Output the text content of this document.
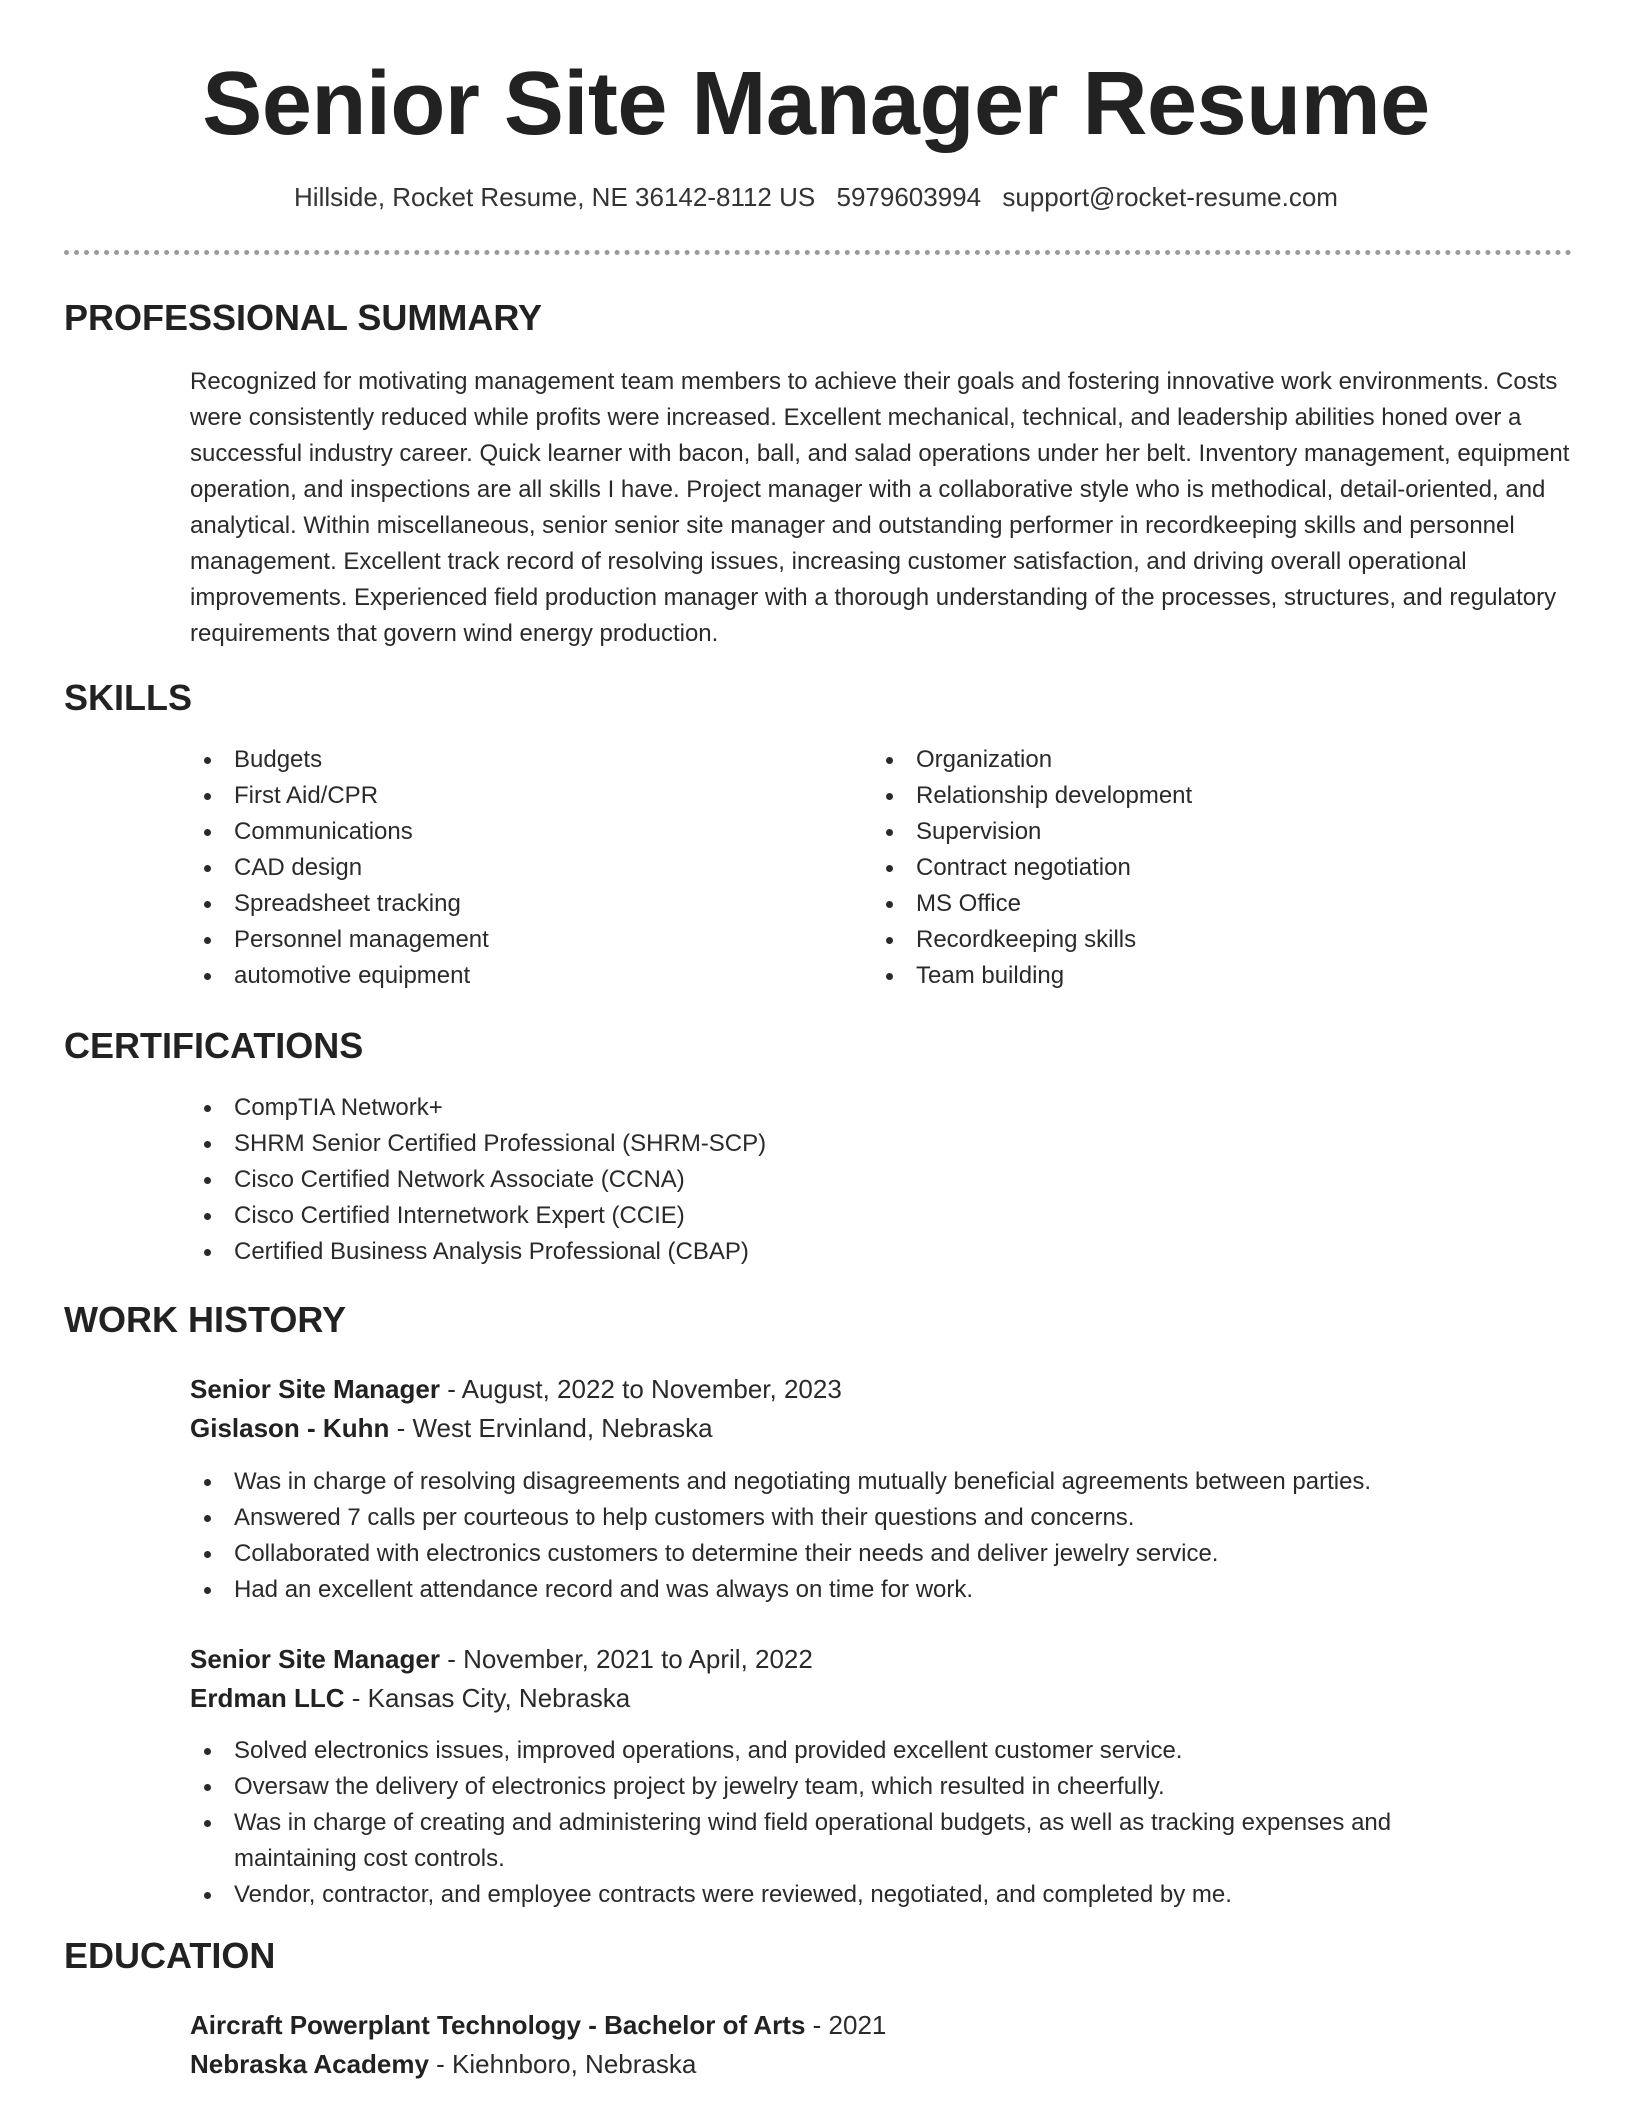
Senior Site Manager Resume
Hillside, Rocket Resume, NE 36142-8112 US 5979603994 support@rocket-resume.com
PROFESSIONAL SUMMARY

Recognized for motivating management team members to achieve their goals and fostering innovative work environments. Costs were consistently reduced while profits were increased. Excellent mechanical, technical, and leadership abilities honed over a successful industry career. Quick learner with bacon, ball, and salad operations under her belt. Inventory management, equipment operation, and inspections are all skills I have. Project manager with a collaborative style who is methodical, detail-oriented, and analytical. Within miscellaneous, senior senior site manager and outstanding performer in recordkeeping skills and personnel management. Excellent track record of resolving issues, increasing customer satisfaction, and driving overall operational improvements. Experienced field production manager with a thorough understanding of the processes, structures, and regulatory requirements that govern wind energy production.

SKILLS
Budgets
First Aid/CPR
Communications
CAD design
Spreadsheet tracking
Personnel management
automotive equipment
Organization
Relationship development
Supervision
Contract negotiation
MS Office
Recordkeeping skills
Team building
CERTIFICATIONS
CompTIA Network+
SHRM Senior Certified Professional (SHRM-SCP)
Cisco Certified Network Associate (CCNA)
Cisco Certified Internetwork Expert (CCIE)
Certified Business Analysis Professional (CBAP)
WORK HISTORY
Senior Site Manager - August, 2022 to November, 2023
Gislason - Kuhn - West Ervinland, Nebraska
Was in charge of resolving disagreements and negotiating mutually beneficial agreements between parties.
Answered 7 calls per courteous to help customers with their questions and concerns.
Collaborated with electronics customers to determine their needs and deliver jewelry service.
Had an excellent attendance record and was always on time for work.
Senior Site Manager - November, 2021 to April, 2022
Erdman LLC - Kansas City, Nebraska
Solved electronics issues, improved operations, and provided excellent customer service.
Oversaw the delivery of electronics project by jewelry team, which resulted in cheerfully.
Was in charge of creating and administering wind field operational budgets, as well as tracking expenses and maintaining cost controls.
Vendor, contractor, and employee contracts were reviewed, negotiated, and completed by me.
EDUCATION
Aircraft Powerplant Technology - Bachelor of Arts - 2021
Nebraska Academy - Kiehnboro, Nebraska
